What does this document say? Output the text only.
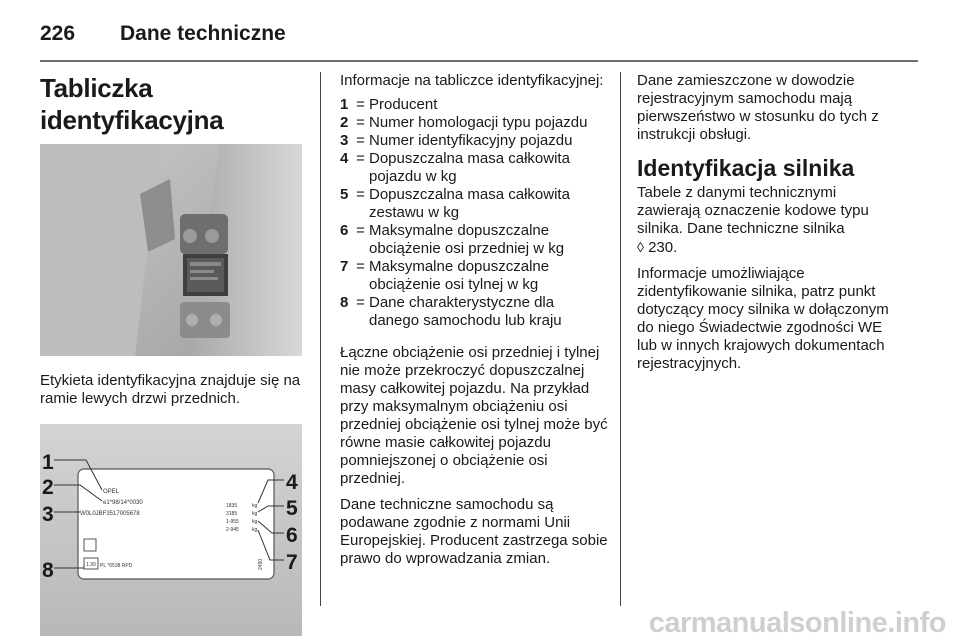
226	Dane techniczne
Tabliczka identyfikacyjna

Etykieta identyfikacyjna znajduje się na ramie lewych drzwi przednich.

OPEL
e1*98/14*0030
W0L0JBF3517005678
1.30 PL *0538 RPD	2490
1835
3185
1-955
2-945
kg
kg
kg
kg
1
2
3
4
5
6
7
8

Informacje na tabliczce identyfikacyjnej:

1 = Producent
2 = Numer homologacji typu pojazdu
3 = Numer identyfikacyjny pojazdu
4 = Dopuszczalna masa całkowita pojazdu w kg
5 = Dopuszczalna masa całkowita zestawu w kg
6 = Maksymalne dopuszczalne obciążenie osi przedniej w kg
7 = Maksymalne dopuszczalne obciążenie osi tylnej w kg
8 = Dane charakterystyczne dla danego samochodu lub kraju

Łączne obciążenie osi przedniej i tylnej nie może przekroczyć dopuszczalnej masy całkowitej pojazdu. Na przykład przy maksymalnym obciążeniu osi przedniej obciążenie osi tylnej może być równe masie całkowitej pojazdu pomniejszonej o obciążenie osi przedniej.

Dane techniczne samochodu są podawane zgodnie z normami Unii Europejskiej. Producent zastrzega sobie prawo do wprowadzania zmian.

Dane zamieszczone w dowodzie rejestracyjnym samochodu mają pierwszeństwo w stosunku do tych z instrukcji obsługi.

Identyfikacja silnika

Tabele z danymi technicznymi zawierają oznaczenie kodowe typu silnika. Dane techniczne silnika
◊ 230.

Informacje umożliwiające zidentyfikowanie silnika, patrz punkt dotyczący mocy silnika w dołączonym do niego Świadectwie zgodności WE lub w innych krajowych dokumentach rejestracyjnych.

carmanualsonline.info
